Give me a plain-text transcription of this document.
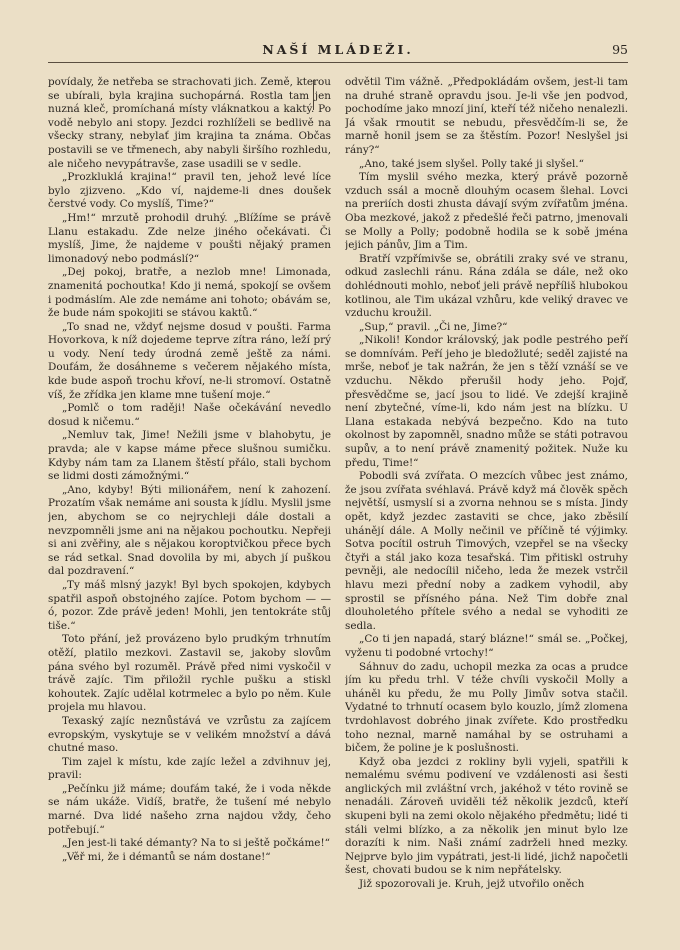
NAŠÍ MLÁDEŽI.	95

povídaly, že netřeba se strachovati jich. Země, kterou se ubírali, byla krajina suchopárná. Rostla tam jen nuzná kleč, promíchaná místy vláknatkou a kaktý. Po vodě nebylo ani stopy. Jezdci rozhlíželi se bedlivě na všecky strany, nebylať jim krajina ta známa. Občas postavili se ve třmenech, aby nabyli širšího rozhledu, ale ničeho nevypátravše, zase usadili se v sedle.

„Prozkluklá krajina!“ pravil ten, jehož levé líce bylo zjizveno. „Kdo ví, najdeme-li dnes doušek čerstvé vody. Co myslíš, Time?“

„Hm!“ mrzutě prohodil druhý. „Blížíme se právě Llanu estakadu. Zde nelze jiného očekávati. Či myslíš, Jime, že najdeme v poušti nějaký pramen limonadový nebo podmáslí?“

„Dej pokoj, bratře, a nezlob mne! Limonada, znamenitá pochoutka! Kdo ji nemá, spokojí se ovšem i podmáslím. Ale zde nemáme ani tohoto; obávám se, že bude nám spokojiti se stávou kaktů.“

„To snad ne, vždyť nejsme dosud v poušti. Farma Hovorkova, k níž dojedeme teprve zítra ráno, leží prý u vody. Není tedy úrodná země ještě za námi. Doufám, že dosáhneme s večerem nějakého místa, kde bude aspoň trochu křoví, ne-li stromoví. Ostatně víš, že zřídka jen klame mne tušení moje.“

„Pomlč o tom raději! Naše očekávání nevedlo dosud k ničemu.“

„Nemluv tak, Jime! Nežili jsme v blahobytu, je pravda; ale v kapse máme přece slušnou sumičku. Kdyby nám tam za Llanem štěstí přálo, stali bychom se lidmi dosti zámožnými.“

„Ano, kdyby! Býti milionářem, není k zahození. Prozatím však nemáme ani sousta k jídlu. Myslil jsme jen, abychom se co nejrychleji dále dostali a nevzpomněli jsme ani na nějakou pochoutku. Nepřeji si ani zvěřiny, ale s nějakou koroptvičkou přece bych se rád setkal. Snad dovolila by mi, abych jí puškou dal pozdravení.“

„Ty máš mlsný jazyk! Byl bych spokojen, kdybych spatřil aspoň obstojného zajíce. Potom bychom — — ó, pozor. Zde právě jeden! Mohli, jen tentokráte stůj tiše.“

Toto přání, jež provázeno bylo prudkým trhnutím otěží, platilo mezkovi. Zastavil se, jakoby slovům pána svého byl rozuměl. Právě před nimi vyskočil v trávě zajíc. Tim přiložil rychle pušku a stiskl kohoutek. Zajíc udělal kotrmelec a bylo po něm. Kule projela mu hlavou.

Texaský zajíc neznůstává ve vzrůstu za zajícem evropským, vyskytuje se v velikém množství a dává chutné maso.

Tim zajel k místu, kde zajíc ležel a zdvihnuv jej, pravil:

„Pečínku již máme; doufám také, že i voda někde se nám ukáže. Vidíš, bratře, že tušení mé nebylo marné. Dva lidé našeho zrna najdou vždy, čeho potřebují.“

„Jen jest-li také démanty? Na to si ještě počkáme!“

„Věř mi, že i démantů se nám dostane!“

odvětil Tim vážně. „Předpokládám ovšem, jest-li tam na druhé straně opravdu jsou. Je-li vše jen podvod, pochodíme jako mnozí jiní, kteří též ničeho nenalezli. Já však rmoutit se nebudu, přesvědčím-li se, že marně honil jsem se za štěstím. Pozor! Neslyšel jsi rány?“

„Ano, také jsem slyšel. Polly také ji slyšel.“

Tím myslil svého mezka, který právě pozorně vzduch ssál a mocně dlouhým ocasem šlehal. Lovci na preriích dosti zhusta dávají svým zvířatům jména. Oba mezkové, jakož z předešlé řeči patrno, jmenovali se Molly a Polly; podobně hodila se k sobě jména jejich pánův, Jim a Tim.

Bratří vzpřímivše se, obrátili zraky své ve stranu, odkud zaslechli ránu. Rána zdála se dále, než oko dohlédnouti mohlo, neboť jeli právě nepříliš hlubokou kotlinou, ale Tim ukázal vzhůru, kde veliký dravec ve vzduchu kroužil.

„Sup,“ pravil. „Či ne, Jime?“

„Nikoli! Kondor královský, jak podle pestrého peří se domnívám. Peří jeho je bledožluté; seděl zajisté na mršе, neboť je tak nažrán, že jen s těží vznáší se ve vzduchu. Někdo přerušil hody jeho. Pojď, přesvědčme se, jací jsou to lidé. Ve zdejší krajině není zbytečné, víme-li, kdo nám jest na blízku. U Llana estakada nebývá bezpečno. Kdo na tuto okolnost by zapomněl, snadno může se státi potravou supův, a to není právě znamenitý požitek. Nuže ku předu, Time!“

Pobodli svá zvířata. O mezcích vůbec jest známo, že jsou zvířata svéhlavá. Právě když má člověk spěch největší, usmyslí si a zvorna nehnou se s místa. Jindy opět, když jezdec zastaviti se chce, jako zběsilí uhánějí dále. A Molly nečinil ve příčině té výjimky. Sotva pocítil ostruh Timových, vzepřel se na všecky čtyři a stál jako koza tesařská. Tim přitiskl ostruhy pevněji, ale nedocílil ničeho, leda že mezek vstrčil hlavu mezi přední noby a zadkem vyhodil, aby sprostil se přísného pána. Než Tim dobře znal dlouholetého přítele svého a nedal se vyhoditi ze sedla.

„Co ti jen napadá, starý blázne!“ smál se. „Počkej, vyženu ti podobné vrtochy!“

Sáhnuv do zadu, uchopil mezka za ocas a prudce jím ku předu trhl. V téže chvíli vyskočil Molly a uháněl ku předu, že mu Polly Jimův sotva stačil. Vydatné to trhnutí ocasem bylo kouzlo, jímž zlomena tvrdohlavost dobrého jinak zvířete. Kdo prostředku toho neznal, marně namáhal by se ostruhami a bičem, že poline je k poslušnosti.

Když oba jezdci z rokliny byli vyjeli, spatřili k nemalému svému podivení ve vzdálenosti asi šesti anglických mil zvláštní vrch, jakéhož v této rovině se nenadáli. Zároveň uviděli též několik jezdců, kteří skupeni byli na zemi okolo nějakého předmětu; lidé ti stáli velmi blízko, a za několik jen minut bylo lze dorazíti k nim. Naši známí zadrželi hned mezky. Nejprve bylo jim vypátrati, jest-li lidé, jichž napočetli šest, chovati budou se k nim nepřátelsky.

Již spozorovali je. Kruh, jejž utvořilo oněch
